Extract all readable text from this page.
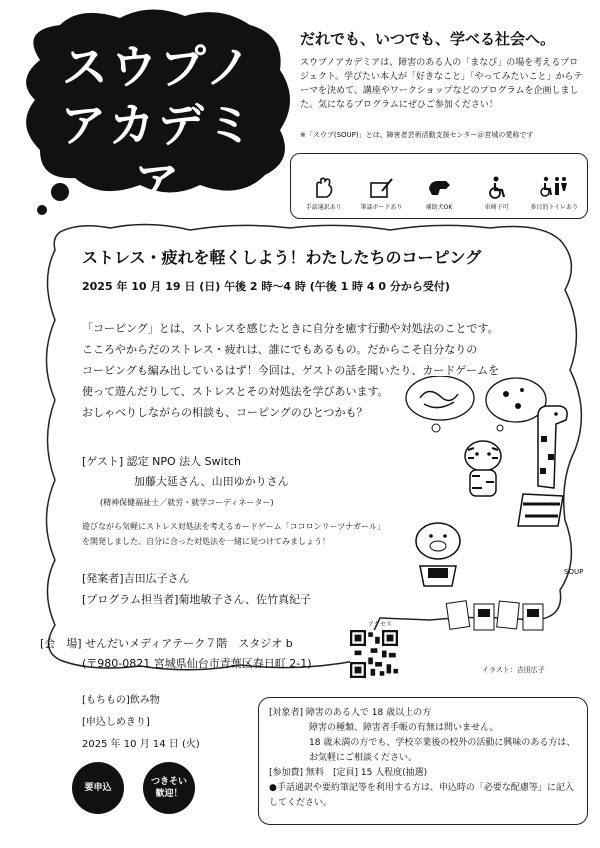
スウプノ
アカデミア
だれでも、いつでも、学べる社会へ。
スウプノアカデミアは、障害のある人の「まなび」の場を考えるプロジェクト。学びたい本人が「好きなこと」「やってみたいこと」からテーマを決めて、講座やワークショップなどのプログラムを企画しました。気になるプログラムにぜひご参加ください！
※「スウプ(SOUP)」とは、障害者芸術活動支援センター＠宮城の愛称です
手話通訳あり	筆談ボードあり	補助犬OK	車椅子可	多目的トイレあり
ストレス・疲れを軽くしよう！わたしたちのコーピング
2025 年 10 月 19 日 (日) 午後 2 時〜4 時 (午後 1 時 4 0 分から受付)

「コーピング」とは、ストレスを感じたときに自分を癒す行動や対処法のことです。

こころやからだのストレス・疲れは、誰にでもあるもの。だからこそ自分なりの

コーピングも編み出しているはず！今回は、ゲストの話を聞いたり、カードゲームを

使って遊んだりして、ストレスとその対処法を学びあいます。

おしゃべりしながらの相談も、コーピングのひとつかも？

[ゲスト] 認定 NPO 法人 Switch
加藤大延さん、山田ゆかりさん
(精神保健福祉士／就労・就学コーディネーター)
遊びながら気軽にストレス対処法を考えるカードゲーム「ココロンリーツナガール」
を開発しました。自分に合った対処法を一緒に見つけてみましょう！
[発案者]吉田広子さん
[プログラム担当者]菊地敏子さん、佐竹真紀子
[会　場] せんだいメディアテーク７階　スタジオ b
(〒980-0821 宮城県仙台市青葉区春日町 2-1)
アクセス
SOUP
イラスト：吉田広子
[もちもの]飲み物
[申込しめきり]
2025 年 10 月 14 日 (火)
要申込
つきそい
歓迎！

[対象者] 障害のある人で 18 歳以上の方

障害の種類、障害者手帳の有無は問いません。

18 歳未満の方でも、学校卒業後の校外の活動に興味のある方は、お気軽にご相談ください。

[参加費] 無料　 [定員] 15 人程度(抽選)

●手話通訳や要約筆記等を利用する方は、申込時の「必要な配慮等」に記入してください。
